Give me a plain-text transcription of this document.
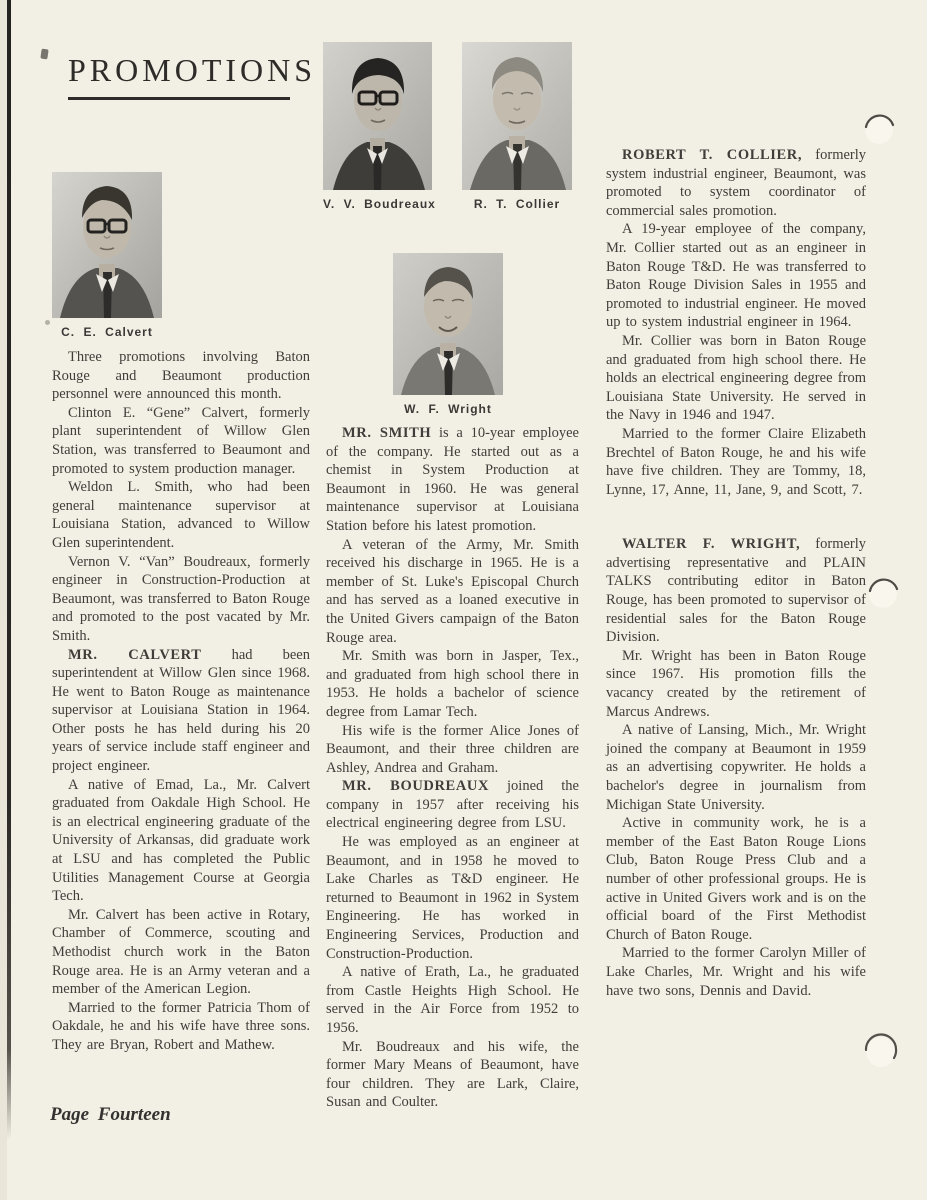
PROMOTIONS
V. V. Boudreaux	R. T. Collier
C. E. Calvert
W. F. Wright

Three promotions involving Baton Rouge and Beaumont production personnel were announced this month.

Clinton E. “Gene” Calvert, formerly plant superintendent of Willow Glen Station, was transferred to Beaumont and promoted to system production manager.

Weldon L. Smith, who had been general maintenance supervisor at Louisiana Station, advanced to Willow Glen superintendent.

Vernon V. “Van” Boudreaux, formerly engineer in Construction-Production at Beaumont, was transferred to Baton Rouge and promoted to the post vacated by Mr. Smith.

MR. CALVERT had been superintendent at Willow Glen since 1968. He went to Baton Rouge as maintenance supervisor at Louisiana Station in 1964. Other posts he has held during his 20 years of service include staff engineer and project engineer.

A native of Emad, La., Mr. Calvert graduated from Oakdale High School. He is an electrical engineering graduate of the University of Arkansas, did graduate work at LSU and has completed the Public Utilities Management Course at Georgia Tech.

Mr. Calvert has been active in Rotary, Chamber of Commerce, scouting and Methodist church work in the Baton Rouge area. He is an Army veteran and a member of the American Legion.

Married to the former Patricia Thom of Oakdale, he and his wife have three sons. They are Bryan, Robert and Mathew.

MR. SMITH is a 10-year employee of the company. He started out as a chemist in System Production at Beaumont in 1960. He was general maintenance supervisor at Louisiana Station before his latest promotion.

A veteran of the Army, Mr. Smith received his discharge in 1965. He is a member of St. Luke's Episcopal Church and has served as a loaned executive in the United Givers campaign of the Baton Rouge area.

Mr. Smith was born in Jasper, Tex., and graduated from high school there in 1953. He holds a bachelor of science degree from Lamar Tech.

His wife is the former Alice Jones of Beaumont, and their three children are Ashley, Andrea and Graham.

MR. BOUDREAUX joined the company in 1957 after receiving his electrical engineering degree from LSU.

He was employed as an engineer at Beaumont, and in 1958 he moved to Lake Charles as T&D engineer. He returned to Beaumont in 1962 in System Engineering. He has worked in Engineering Services, Production and Construction-Production.

A native of Erath, La., he graduated from Castle Heights High School. He served in the Air Force from 1952 to 1956.

Mr. Boudreaux and his wife, the former Mary Means of Beaumont, have four children. They are Lark, Claire, Susan and Coulter.

ROBERT T. COLLIER, formerly system industrial engineer, Beaumont, was promoted to system coordinator of commercial sales promotion.

A 19-year employee of the company, Mr. Collier started out as an engineer in Baton Rouge T&D. He was transferred to Baton Rouge Division Sales in 1955 and promoted to industrial engineer. He moved up to system industrial engineer in 1964.

Mr. Collier was born in Baton Rouge and graduated from high school there. He holds an electrical engineering degree from Louisiana State University. He served in the Navy in 1946 and 1947.

Married to the former Claire Elizabeth Brechtel of Baton Rouge, he and his wife have five children. They are Tommy, 18, Lynne, 17, Anne, 11, Jane, 9, and Scott, 7.

WALTER F. WRIGHT, formerly advertising representative and PLAIN TALKS contributing editor in Baton Rouge, has been promoted to supervisor of residential sales for the Baton Rouge Division.

Mr. Wright has been in Baton Rouge since 1967. His promotion fills the vacancy created by the retirement of Marcus Andrews.

A native of Lansing, Mich., Mr. Wright joined the company at Beaumont in 1959 as an advertising copywriter. He holds a bachelor's degree in journalism from Michigan State University.

Active in community work, he is a member of the East Baton Rouge Lions Club, Baton Rouge Press Club and a number of other professional groups. He is active in United Givers work and is on the official board of the First Methodist Church of Baton Rouge.

Married to the former Carolyn Miller of Lake Charles, Mr. Wright and his wife have two sons, Dennis and David.

Page Fourteen
